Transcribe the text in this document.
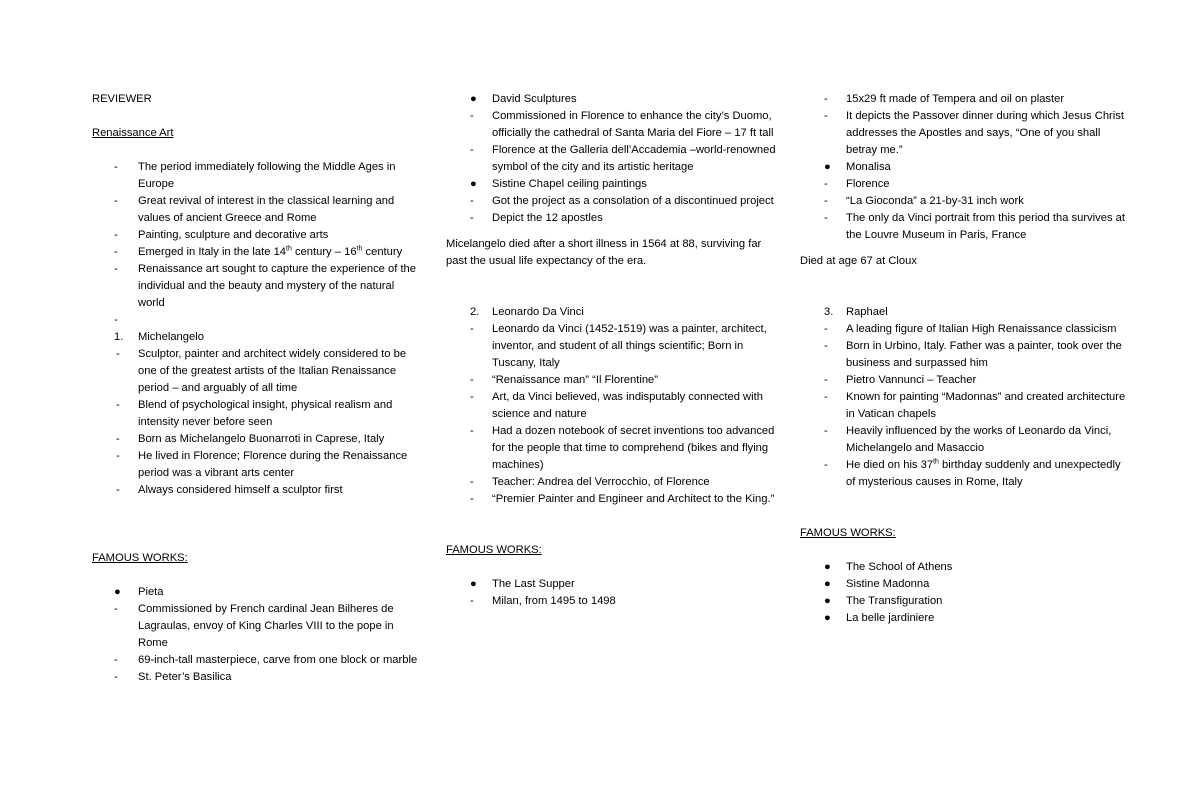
REVIEWER
Renaissance Art
- The period immediately following the Middle Ages in Europe
- Great revival of interest in the classical learning and values of ancient Greece and Rome
- Painting, sculpture and decorative arts
- Emerged in Italy in the late 14th century – 16th century
- Renaissance art sought to capture the experience of the individual and the beauty and mystery of the natural world
-

1. Michelangelo
- Sculptor, painter and architect widely considered to be one of the greatest artists of the Italian Renaissance period – and arguably of all time
- Blend of psychological insight, physical realism and intensity never before seen
- Born as Michelangelo Buonarroti in Caprese, Italy
- He lived in Florence; Florence during the Renaissance period was a vibrant arts center
- Always considered himself a sculptor first
FAMOUS WORKS:
● Pieta
- Commissioned by French cardinal Jean Bilheres de Lagraulas, envoy of King Charles VIII to the pope in Rome
- 69-inch-tall masterpiece, carve from one block or marble
- St. Peter’s Basilica
● David Sculptures
- Commissioned in Florence to enhance the city’s Duomo, officially the cathedral of Santa Maria del Fiore – 17 ft tall
- Florence at the Galleria dell’Accademia –world-renowned symbol of the city and its artistic heritage
● Sistine Chapel ceiling paintings
- Got the project as a consolation of a discontinued project
- Depict the 12 apostles
Micelangelo died after a short illness in 1564 at 88, surviving far past the usual life expectancy of the era.
2. Leonardo Da Vinci
- Leonardo da Vinci (1452-1519) was a painter, architect, inventor, and student of all things scientific; Born in Tuscany, Italy
- “Renaissance man” “Il Florentine”
- Art, da Vinci believed, was indisputably connected with science and nature
- Had a dozen notebook of secret inventions too advanced for the people that time to comprehend (bikes and flying machines)
- Teacher: Andrea del Verrocchio, of Florence
- “Premier Painter and Engineer and Architect to the King.”
FAMOUS WORKS:
● The Last Supper
- Milan, from 1495 to 1498
- 15x29 ft made of Tempera and oil on plaster
- It depicts the Passover dinner during which Jesus Christ addresses the Apostles and says, “One of you shall betray me.”
● Monalisa
- Florence
- “La Gioconda” a 21-by-31 inch work
- The only da Vinci portrait from this period tha survives at the Louvre Museum in Paris, France
Died at age 67 at Cloux
3. Raphael
- A leading figure of Italian High Renaissance classicism
- Born in Urbino, Italy. Father was a painter, took over the business and surpassed him
- Pietro Vannunci – Teacher
- Known for painting “Madonnas” and created architecture in Vatican chapels
- Heavily influenced by the works of Leonardo da Vinci, Michelangelo and Masaccio
- He died on his 37th birthday suddenly and unexpectedly of mysterious causes in Rome, Italy
FAMOUS WORKS:
● The School of Athens
● Sistine Madonna
● The Transfiguration
● La belle jardiniere
